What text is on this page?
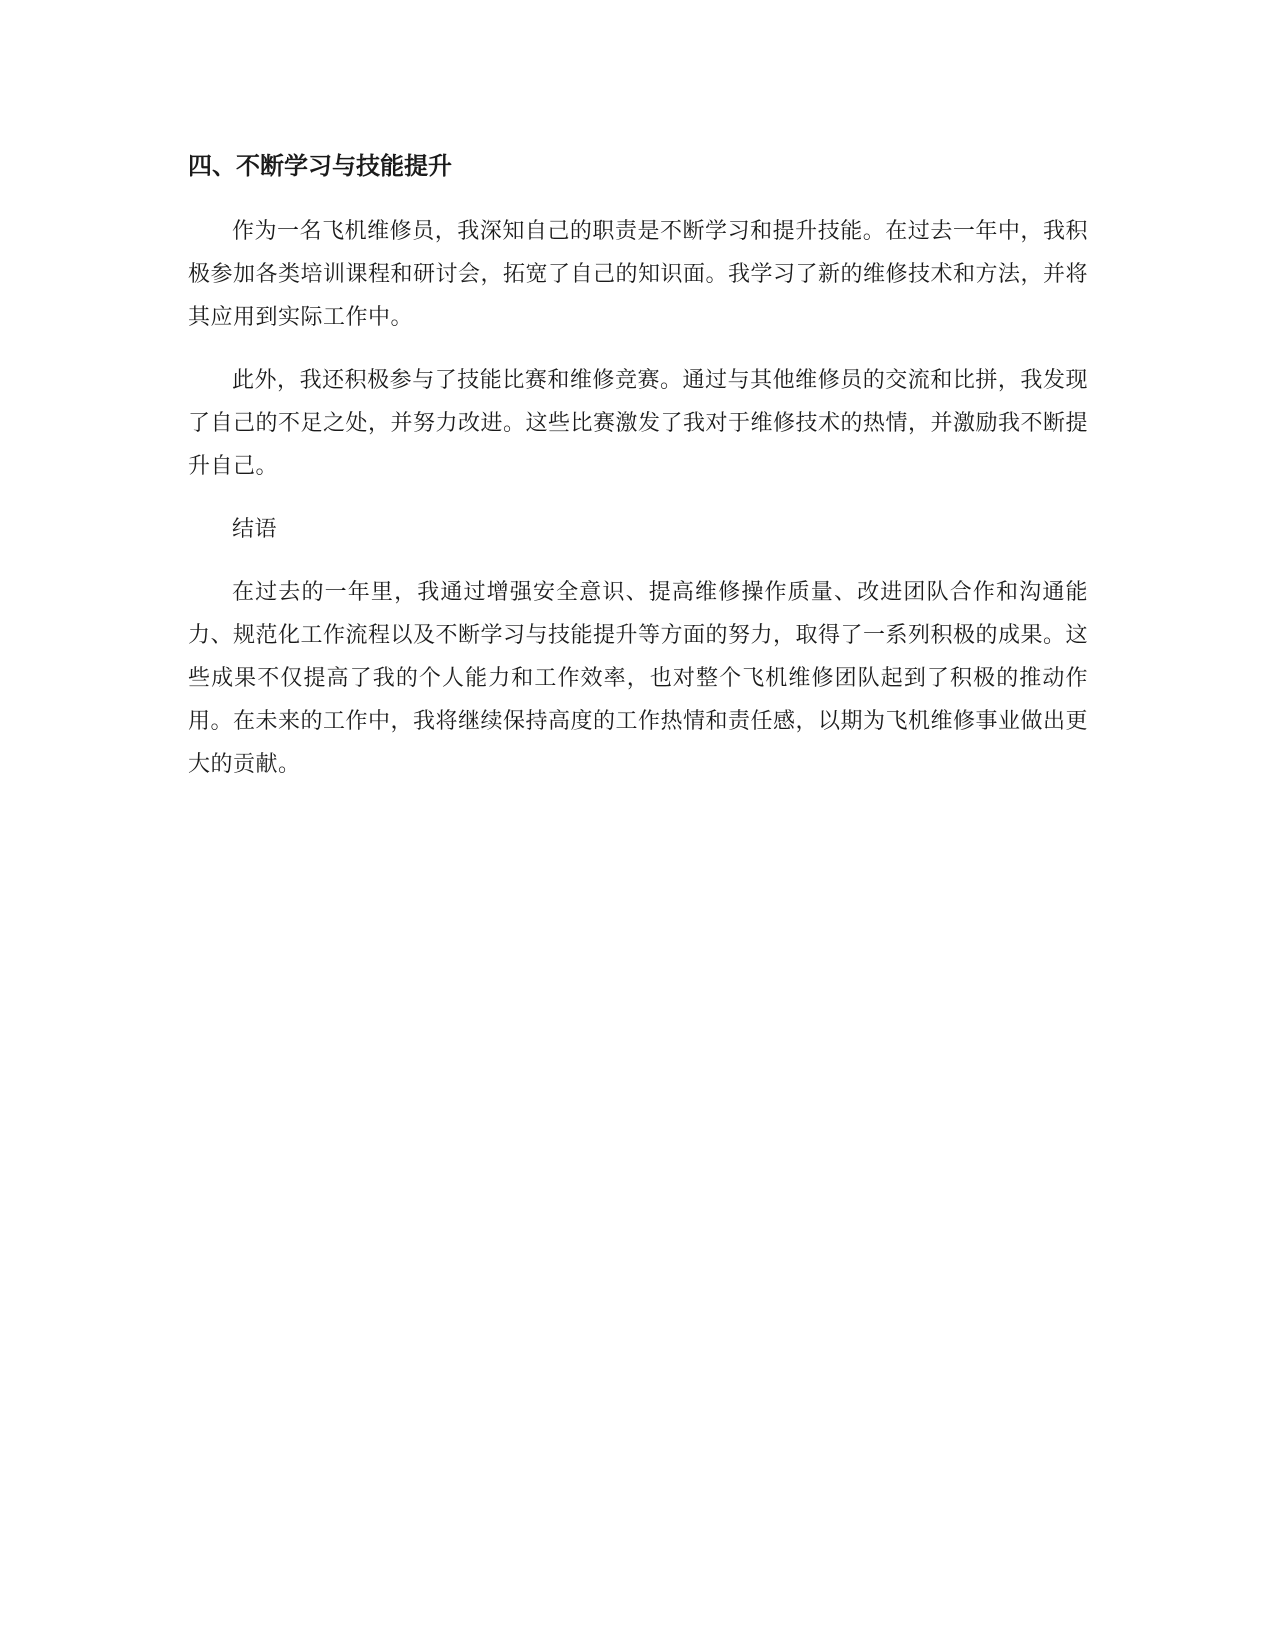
四、不断学习与技能提升

作为一名飞机维修员，我深知自己的职责是不断学习和提升技能。在过去一年中，我积极参加各类培训课程和研讨会，拓宽了自己的知识面。我学习了新的维修技术和方法，并将其应用到实际工作中。

此外，我还积极参与了技能比赛和维修竞赛。通过与其他维修员的交流和比拼，我发现了自己的不足之处，并努力改进。这些比赛激发了我对于维修技术的热情，并激励我不断提升自己。

结语

在过去的一年里，我通过增强安全意识、提高维修操作质量、改进团队合作和沟通能力、规范化工作流程以及不断学习与技能提升等方面的努力，取得了一系列积极的成果。这些成果不仅提高了我的个人能力和工作效率，也对整个飞机维修团队起到了积极的推动作用。在未来的工作中，我将继续保持高度的工作热情和责任感，以期为飞机维修事业做出更大的贡献。
